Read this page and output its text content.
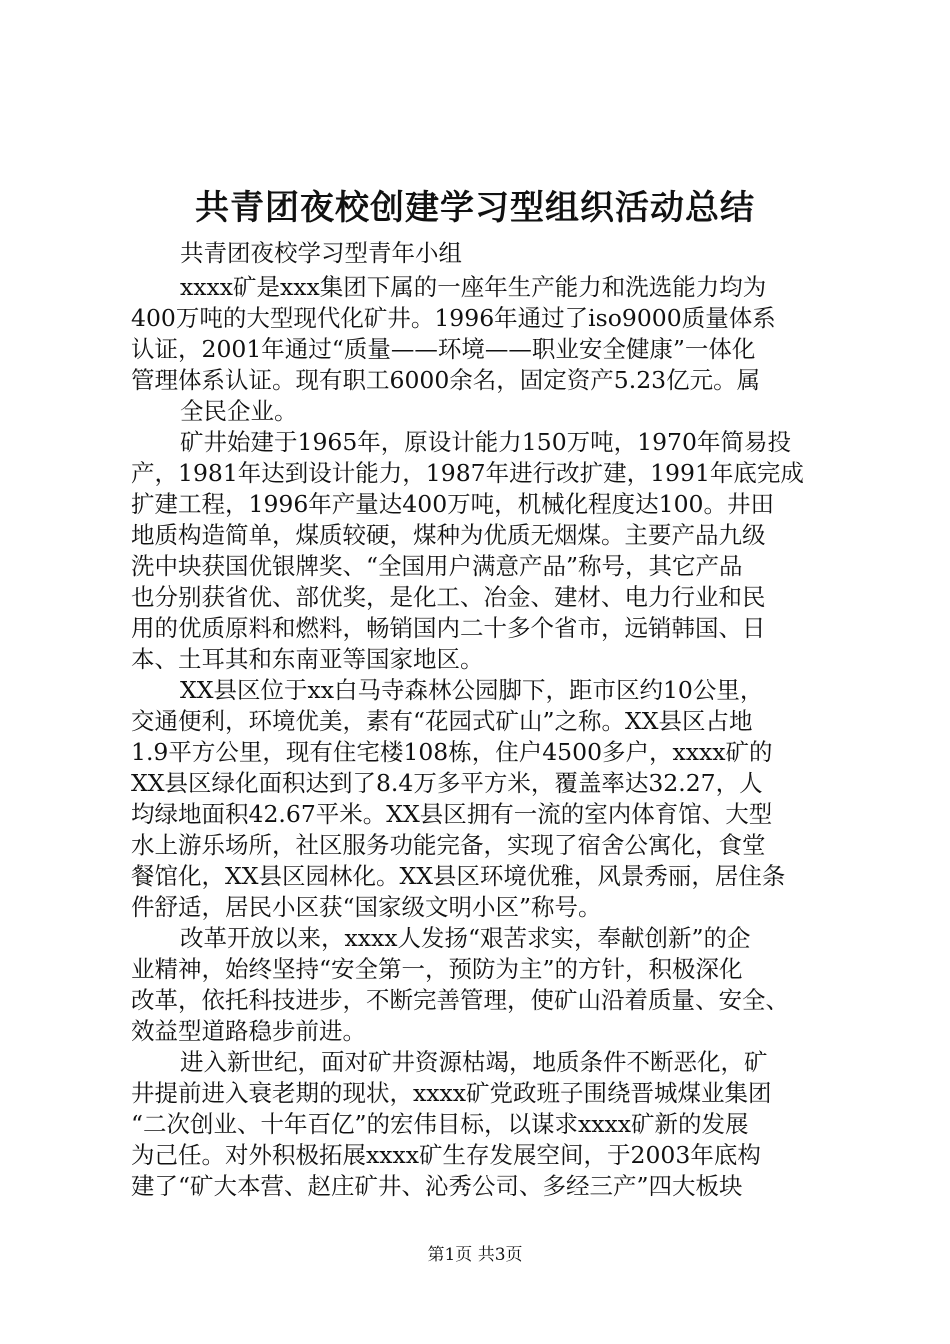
共青团夜校创建学习型组织活动总结
共青团夜校学习型青年小组
xxxx矿是xxx集团下属的一座年生产能力和洗选能力均为
400万吨的大型现代化矿井。1996年通过了iso9000质量体系
认证，2001年通过“质量——环境——职业安全健康”一体化
管理体系认证。现有职工6000余名，固定资产5.23亿元。属
全民企业。
矿井始建于1965年，原设计能力150万吨，1970年简易投
产，1981年达到设计能力，1987年进行改扩建，1991年底完成
扩建工程，1996年产量达400万吨，机械化程度达100。井田
地质构造简单，煤质较硬，煤种为优质无烟煤。主要产品九级
洗中块获国优银牌奖、“全国用户满意产品”称号，其它产品
也分别获省优、部优奖，是化工、冶金、建材、电力行业和民
用的优质原料和燃料，畅销国内二十多个省市，远销韩国、日
本、土耳其和东南亚等国家地区。
XX县区位于xx白马寺森林公园脚下，距市区约10公里，
交通便利，环境优美，素有“花园式矿山”之称。XX县区占地
1.9平方公里，现有住宅楼108栋，住户4500多户，xxxx矿的
XX县区绿化面积达到了8.4万多平方米，覆盖率达32.27，人
均绿地面积42.67平米。XX县区拥有一流的室内体育馆、大型
水上游乐场所，社区服务功能完备，实现了宿舍公寓化，食堂
餐馆化，XX县区园林化。XX县区环境优雅，风景秀丽，居住条
件舒适，居民小区获“国家级文明小区”称号。
改革开放以来，xxxx人发扬“艰苦求实，奉献创新”的企
业精神，始终坚持“安全第一，预防为主”的方针，积极深化
改革，依托科技进步，不断完善管理，使矿山沿着质量、安全、
效益型道路稳步前进。
进入新世纪，面对矿井资源枯竭，地质条件不断恶化，矿
井提前进入衰老期的现状，xxxx矿党政班子围绕晋城煤业集团
“二次创业、十年百亿”的宏伟目标，以谋求xxxx矿新的发展
为己任。对外积极拓展xxxx矿生存发展空间，于2003年底构
建了“矿大本营、赵庄矿井、沁秀公司、多经三产”四大板块
第1页 共3页
